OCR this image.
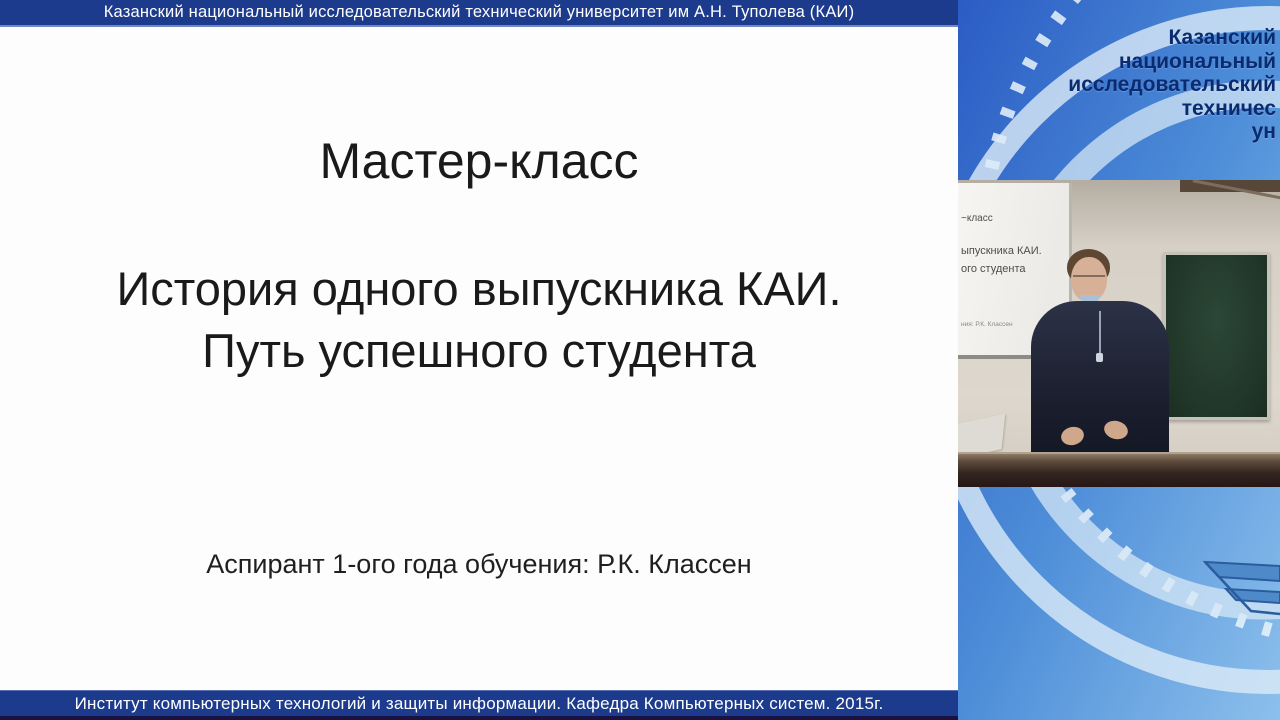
Казанский национальный исследовательский технический университет им А.Н. Туполева (КАИ)
Мастер-класс
История одного выпускника КАИ.
Путь успешного студента
Аспирант 1-ого года обучения: Р.К. Классен
Институт компьютерных технологий и защиты информации. Кафедра Компьютерных систем. 2015г.
Казанский
национальный
исследовательский
техничес
ун
~класс
ыпускника КАИ.
ого студента
ния: Р.К. Классен
